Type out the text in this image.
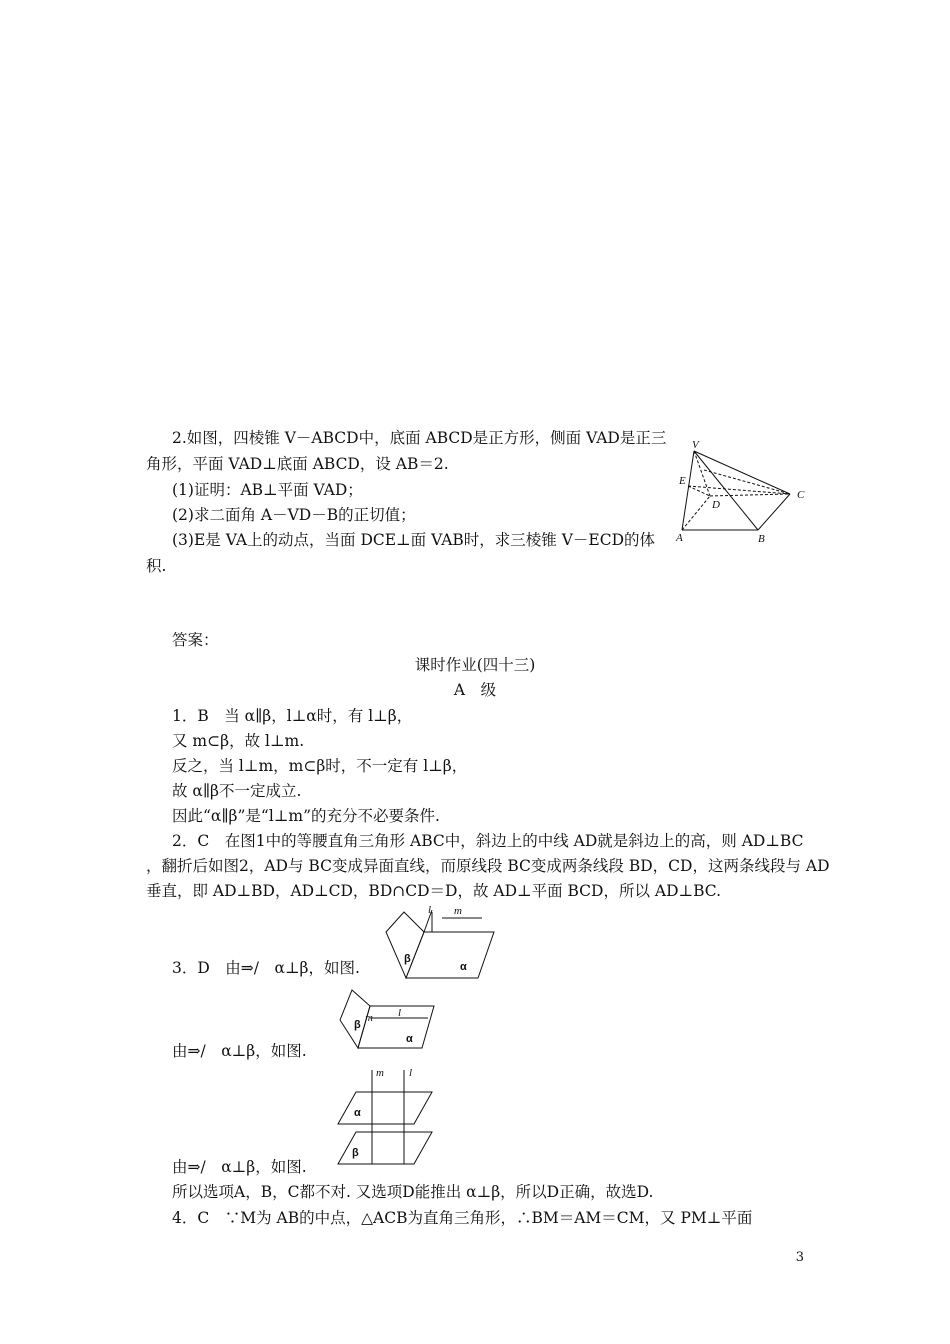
2.如图，四棱锥 V－ABCD中，底面 ABCD是正方形，侧面 VAD是正三
角形，平面 VAD⊥底面 ABCD，设 AB＝2.
(1)证明：AB⊥平面 VAD；
(2)求二面角 A－VD－B的正切值；
(3)E是 VA上的动点，当面 DCE⊥面 VAB时，求三棱锥 V－ECD的体
积.
V
E
D
C
A	B
答案：
课时作业(四十三)
A　级
1．B　当 α∥β，l⊥α时，有 l⊥β，
又 m⊂β，故 l⊥m.
反之，当 l⊥m，m⊂β时，不一定有 l⊥β，
故 α∥β不一定成立.
因此“α∥β”是“l⊥m”的充分不必要条件.
2．C　在图1中的等腰直角三角形 ABC中，斜边上的中线 AD就是斜边上的高，则 AD⊥BC
，翻折后如图2，AD与 BC变成异面直线，而原线段 BC变成两条线段 BD，CD，这两条线段与 AD
垂直，即 AD⊥BD，AD⊥CD，BD∩CD＝D，故 AD⊥平面 BCD，所以 AD⊥BC.
l m
β
α
3．D　由⇒/　α⊥β，如图.
m l
β
α
由⇒/　α⊥β，如图.
m l
α
β
由⇒/　α⊥β，如图.
所以选项A，B，C都不对. 又选项D能推出 α⊥β，所以D正确，故选D.
4．C　∵M为 AB的中点，△ACB为直角三角形，∴BM＝AM＝CM，又 PM⊥平面
3
